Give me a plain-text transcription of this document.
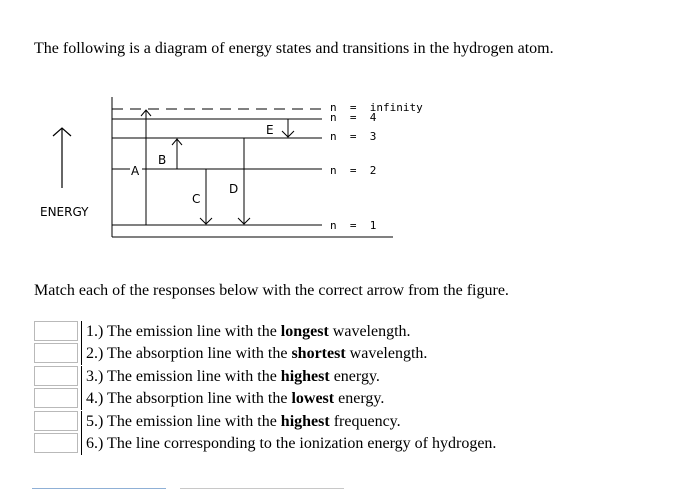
The following is a diagram of energy states and transitions in the hydrogen atom.
ENERGY
n  =  infinity
n  =  4
n  =  3
n  =  2
n  =  1
A
B
C
D
E
Match each of the responses below with the correct arrow from the figure.
1.) The emission line with the longest wavelength.
2.) The absorption line with the shortest wavelength.
3.) The emission line with the highest energy.
4.) The absorption line with the lowest energy.
5.) The emission line with the highest frequency.
6.) The line corresponding to the ionization energy of hydrogen.
